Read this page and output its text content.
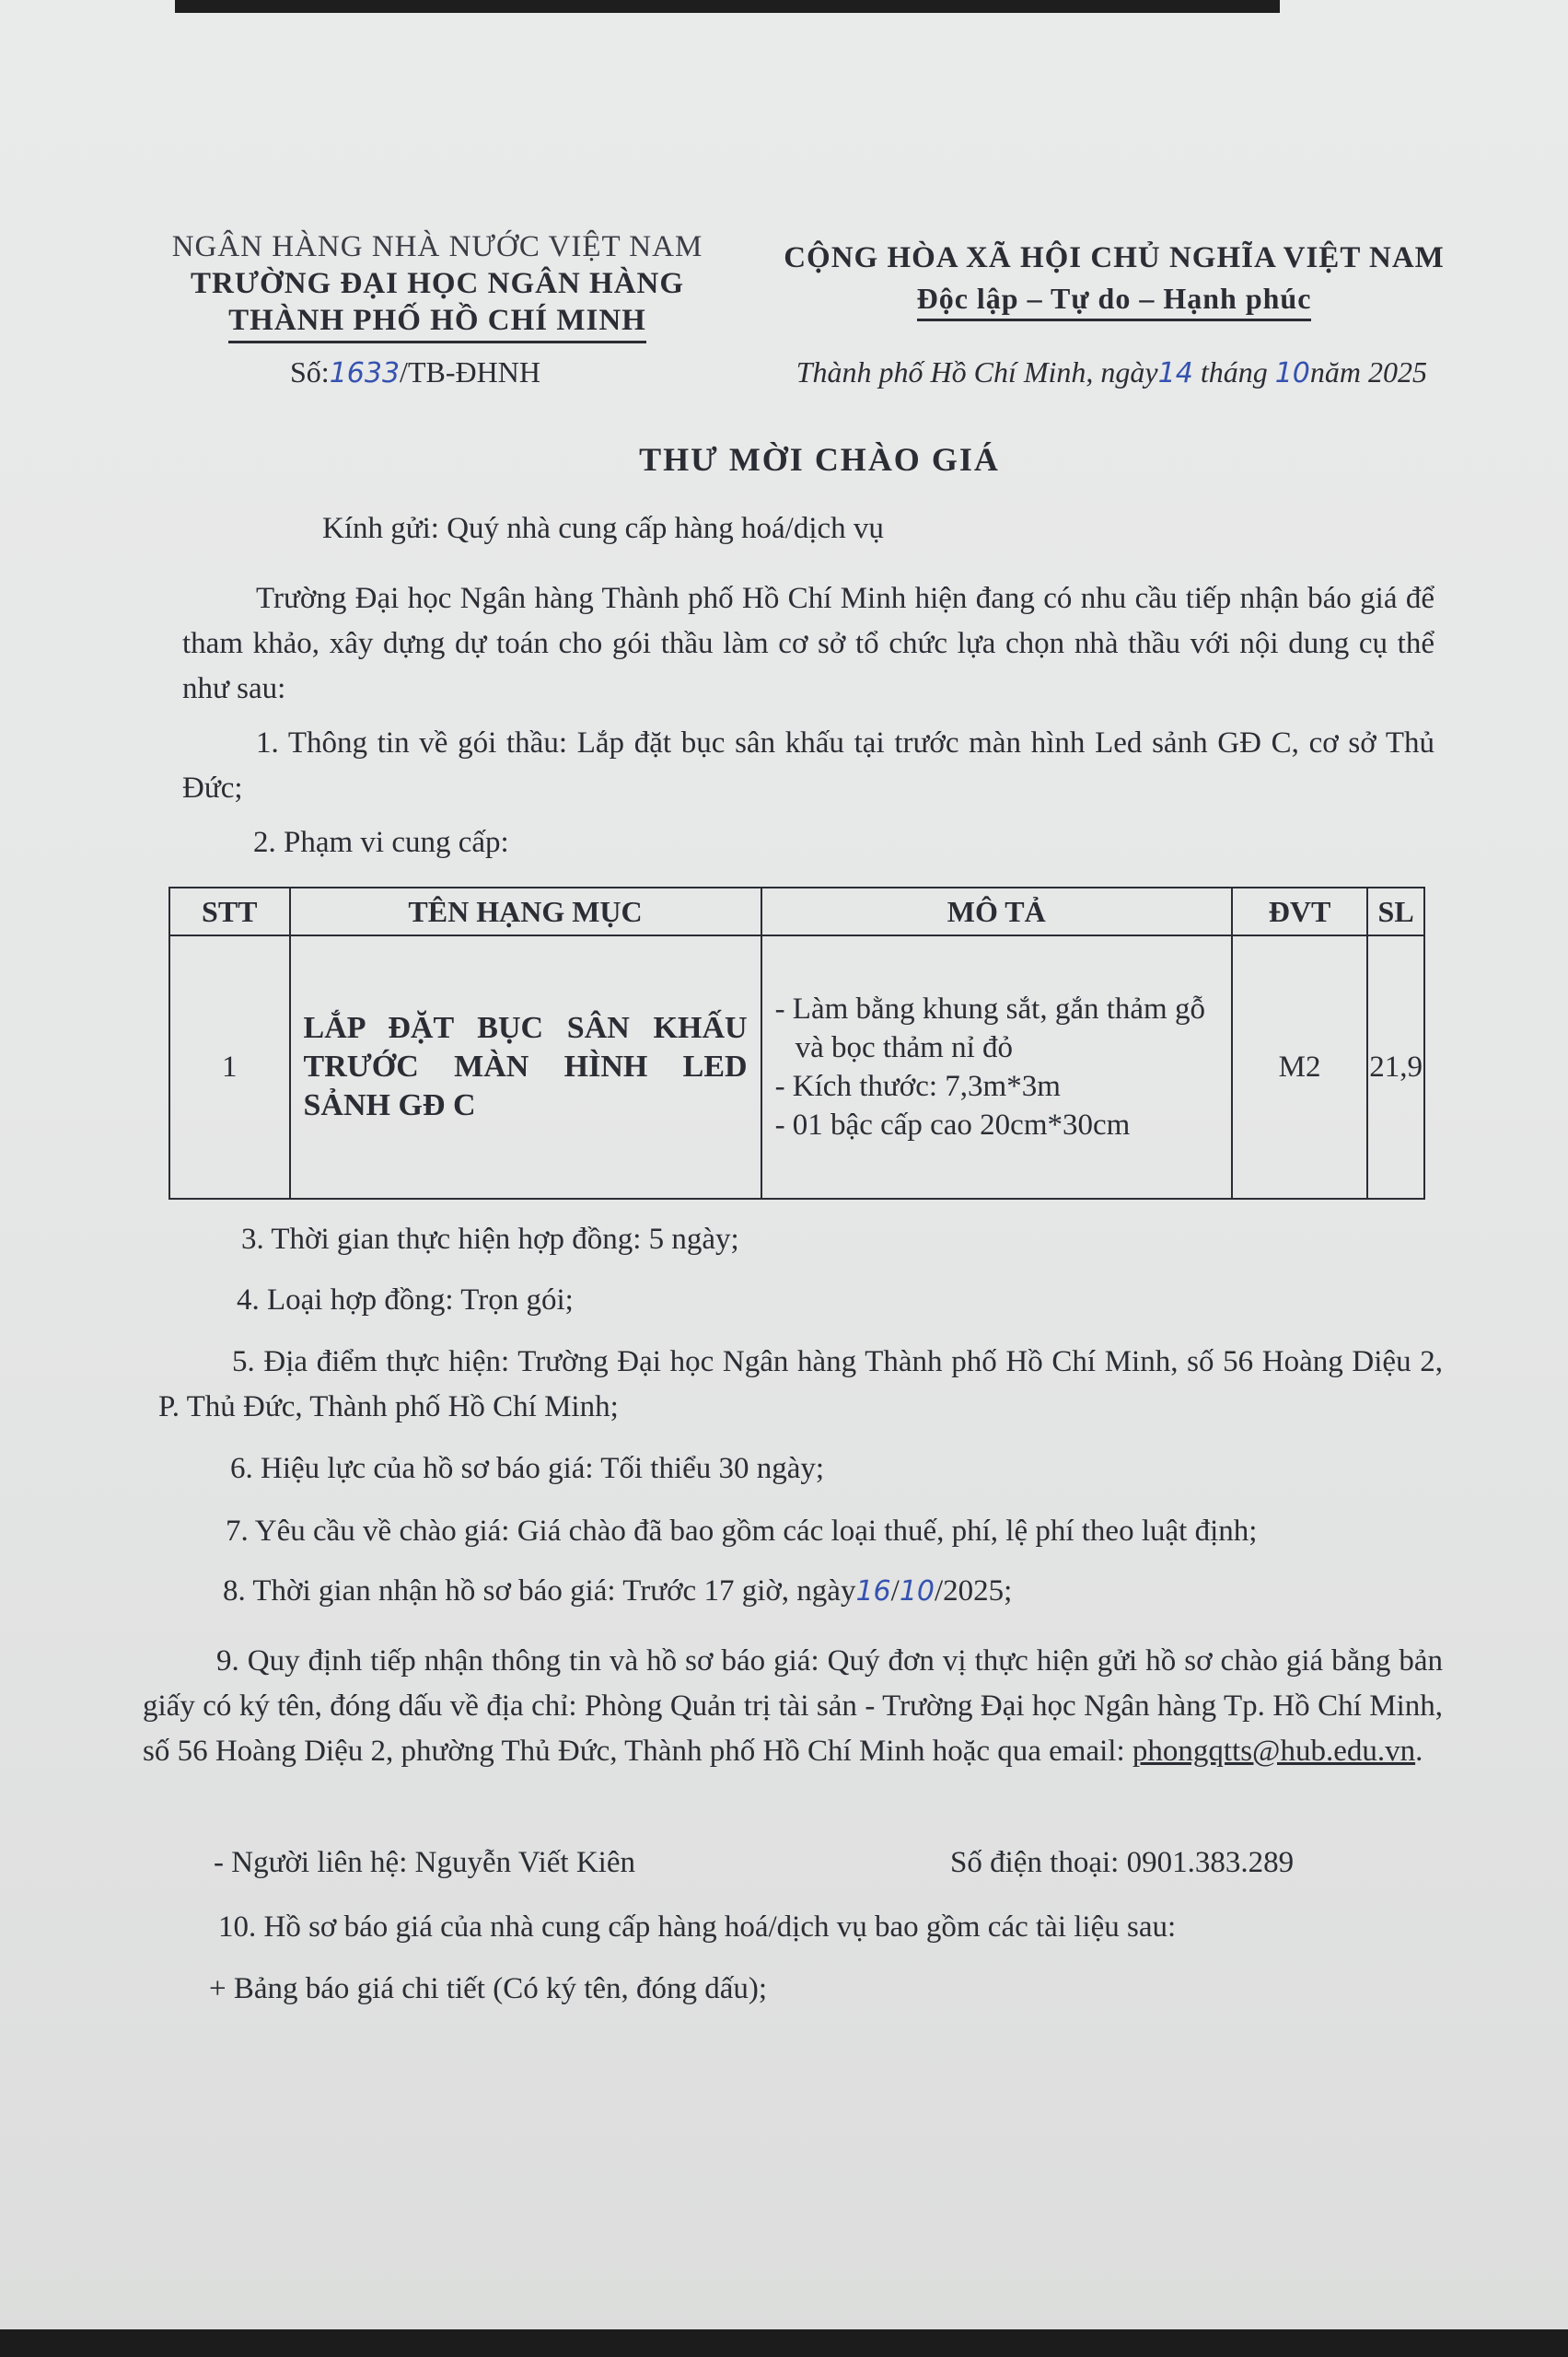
NGÂN HÀNG NHÀ NƯỚC VIỆT NAM
TRƯỜNG ĐẠI HỌC NGÂN HÀNG
THÀNH PHỐ HỒ CHÍ MINH
CỘNG HÒA XÃ HỘI CHỦ NGHĨA VIỆT NAM
Độc lập – Tự do – Hạnh phúc
Số:1633/TB-ĐHNH	Thành phố Hồ Chí Minh, ngày14 tháng 10năm 2025
THƯ MỜI CHÀO GIÁ
Kính gửi: Quý nhà cung cấp hàng hoá/dịch vụ
Trường Đại học Ngân hàng Thành phố Hồ Chí Minh hiện đang có nhu cầu tiếp nhận báo giá để tham khảo, xây dựng dự toán cho gói thầu làm cơ sở tổ chức lựa chọn nhà thầu với nội dung cụ thể như sau:
1. Thông tin về gói thầu: Lắp đặt bục sân khấu tại trước màn hình Led sảnh GĐ C, cơ sở Thủ Đức;
2. Phạm vi cung cấp:
STT	TÊN HẠNG MỤC	MÔ TẢ	ĐVT	SL
1	LẮP ĐẶT BỤC SÂN KHẤU TRƯỚC MÀN HÌNH LED SẢNH GĐ C	- Làm bằng khung sắt, gắn thảm gỗ và bọc thảm nỉ đỏ
- Kích thước: 7,3m*3m
- 01 bậc cấp cao 20cm*30cm	M2	21,9
3. Thời gian thực hiện hợp đồng: 5 ngày;
4. Loại hợp đồng: Trọn gói;
5. Địa điểm thực hiện: Trường Đại học Ngân hàng Thành phố Hồ Chí Minh, số 56 Hoàng Diệu 2, P. Thủ Đức, Thành phố Hồ Chí Minh;
6. Hiệu lực của hồ sơ báo giá: Tối thiểu 30 ngày;
7. Yêu cầu về chào giá: Giá chào đã bao gồm các loại thuế, phí, lệ phí theo luật định;
8. Thời gian nhận hồ sơ báo giá: Trước 17 giờ, ngày16/10/2025;
9. Quy định tiếp nhận thông tin và hồ sơ báo giá: Quý đơn vị thực hiện gửi hồ sơ chào giá bằng bản giấy có ký tên, đóng dấu về địa chỉ: Phòng Quản trị tài sản - Trường Đại học Ngân hàng Tp. Hồ Chí Minh, số 56 Hoàng Diệu 2, phường Thủ Đức, Thành phố Hồ Chí Minh hoặc qua email: phongqtts@hub.edu.vn.
- Người liên hệ: Nguyễn Viết Kiên	Số điện thoại: 0901.383.289
10. Hồ sơ báo giá của nhà cung cấp hàng hoá/dịch vụ bao gồm các tài liệu sau:
+ Bảng báo giá chi tiết (Có ký tên, đóng dấu);
